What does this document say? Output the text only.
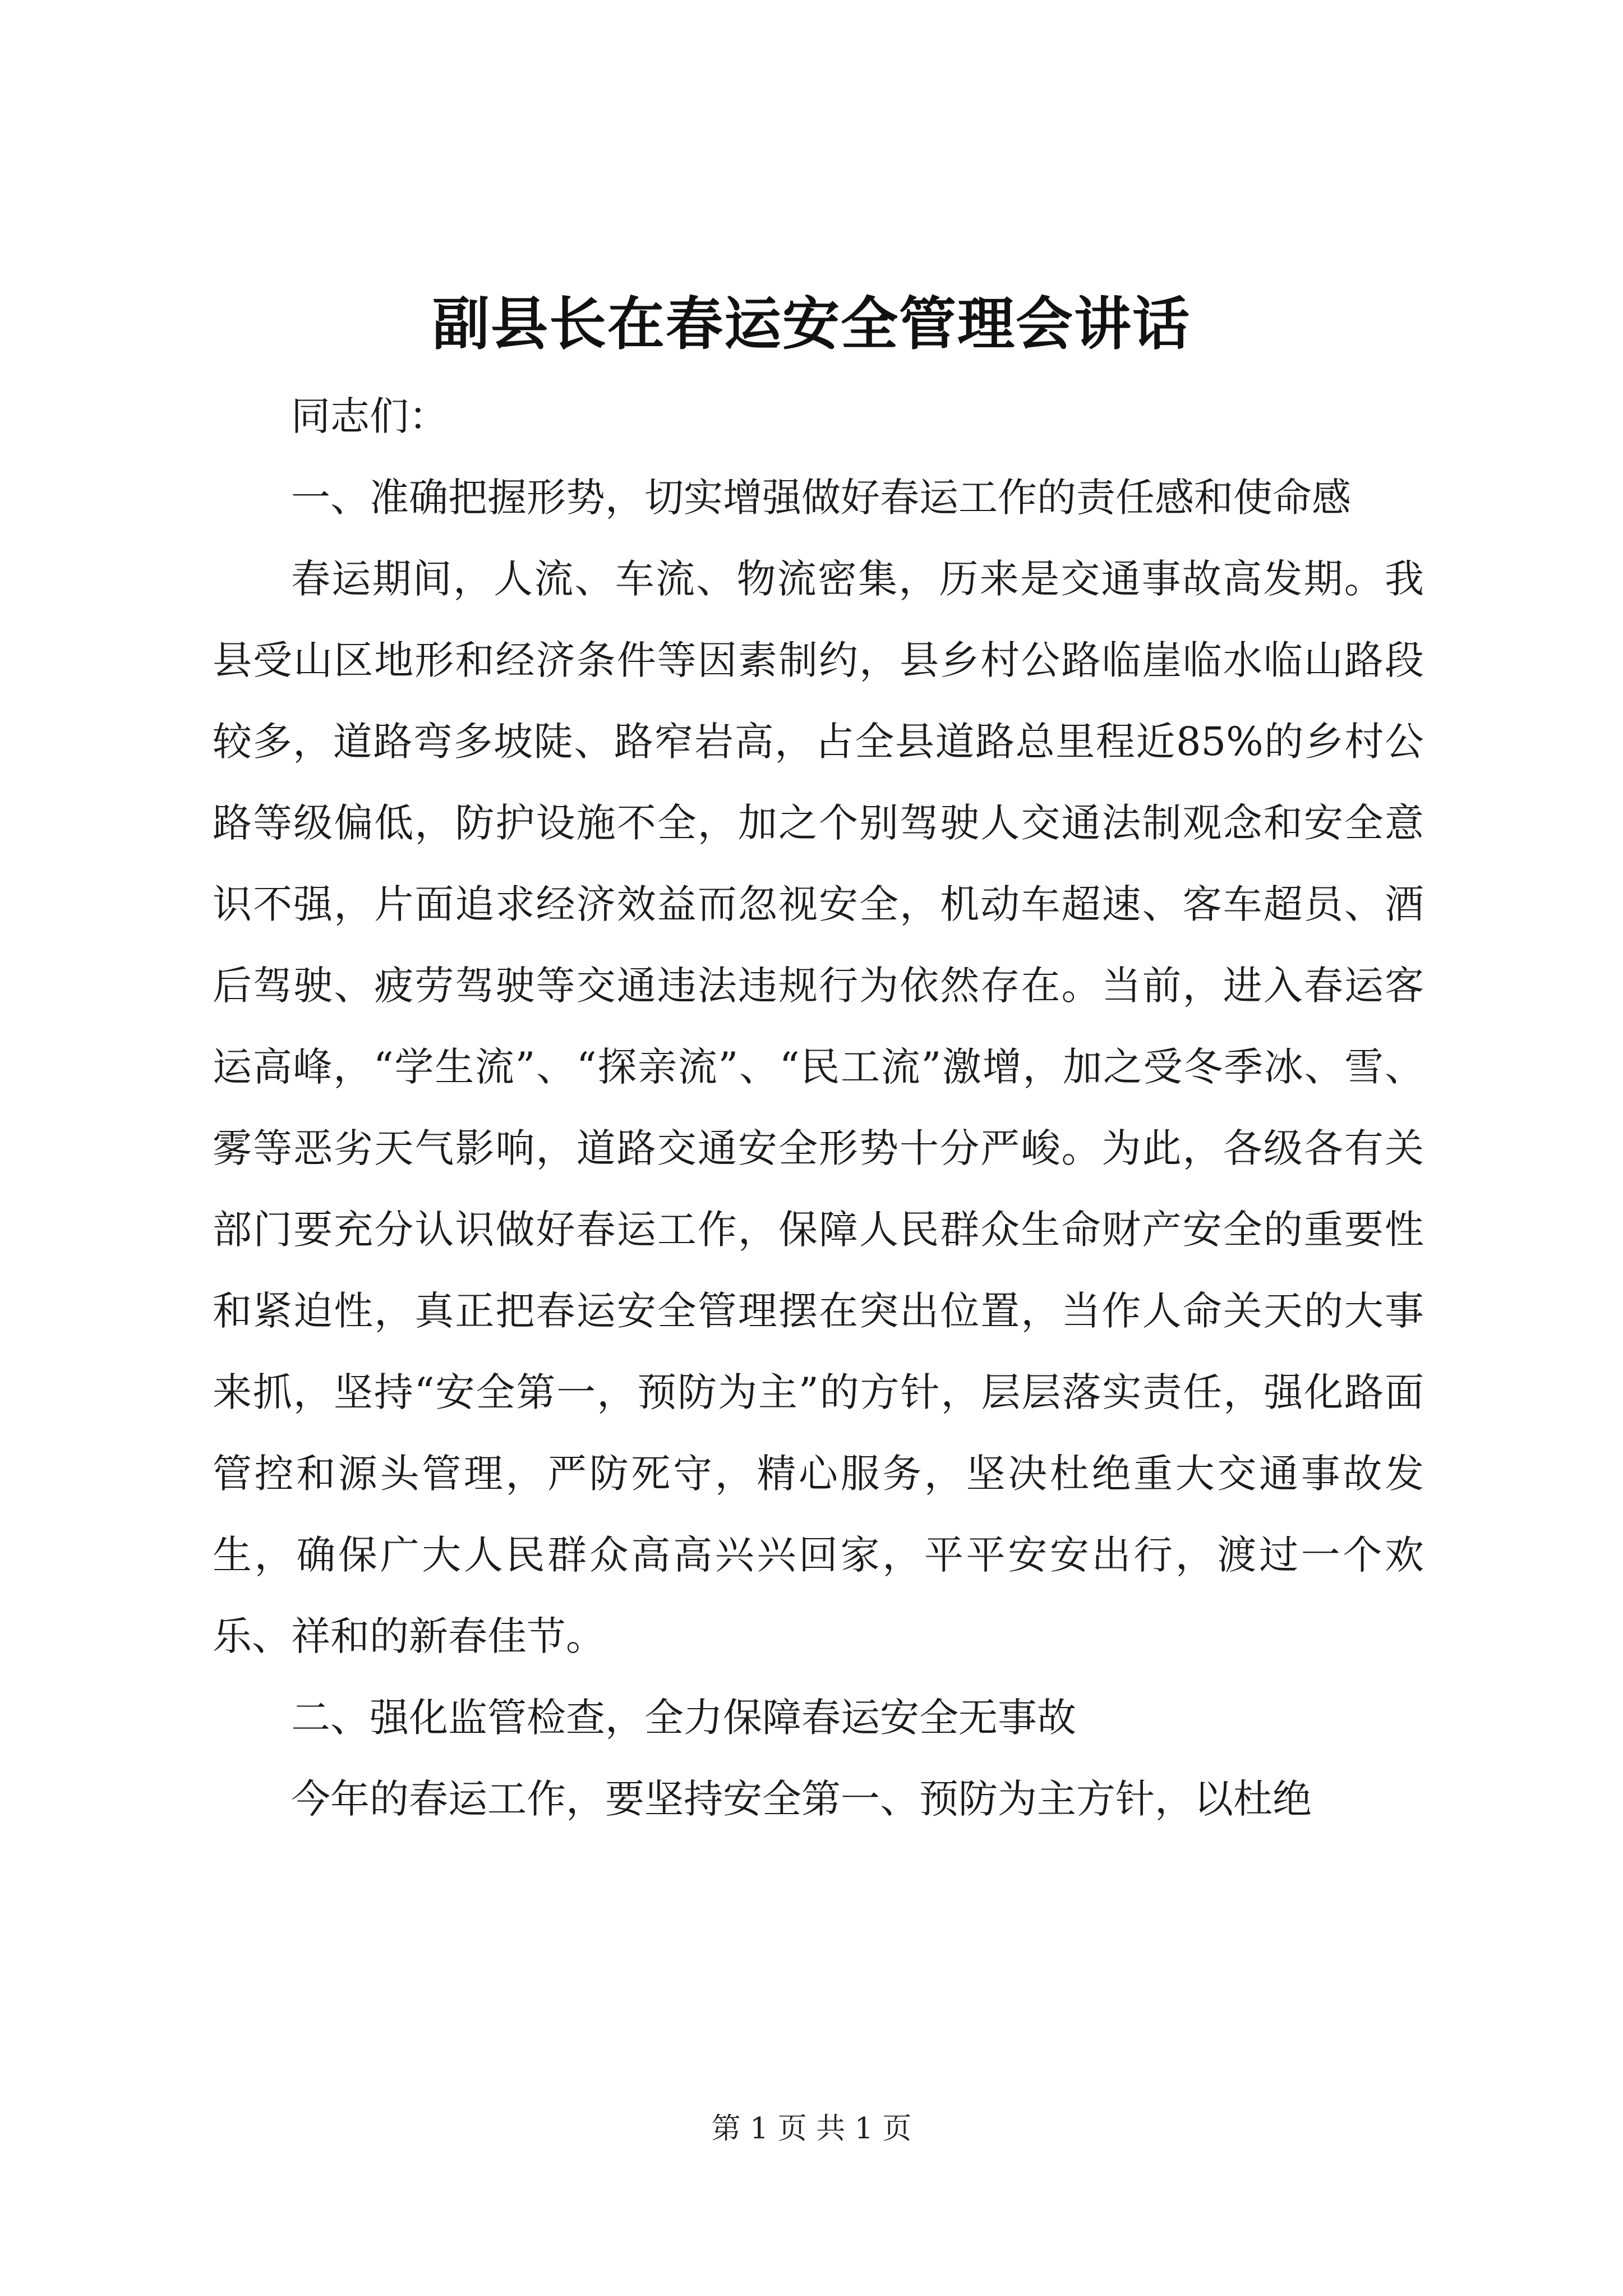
副县长在春运安全管理会讲话

同志们：

一、准确把握形势，切实增强做好春运工作的责任感和使命感

春运期间，人流、车流、物流密集，历来是交通事故高发期。我县受山区地形和经济条件等因素制约，县乡村公路临崖临水临山路段较多，道路弯多坡陡、路窄岩高，占全县道路总里程近85%的乡村公路等级偏低，防护设施不全，加之个别驾驶人交通法制观念和安全意识不强，片面追求经济效益而忽视安全，机动车超速、客车超员、酒后驾驶、疲劳驾驶等交通违法违规行为依然存在。当前，进入春运客运高峰，“学生流”、“探亲流”、“民工流”激增，加之受冬季冰、雪、雾等恶劣天气影响，道路交通安全形势十分严峻。为此，各级各有关部门要充分认识做好春运工作，保障人民群众生命财产安全的重要性和紧迫性，真正把春运安全管理摆在突出位置，当作人命关天的大事来抓，坚持“安全第一，预防为主”的方针，层层落实责任，强化路面管控和源头管理，严防死守，精心服务，坚决杜绝重大交通事故发生，确保广大人民群众高高兴兴回家，平平安安出行，渡过一个欢乐、祥和的新春佳节。

二、强化监管检查，全力保障春运安全无事故

今年的春运工作，要坚持安全第一、预防为主方针，以杜绝

第 1 页 共 1 页
